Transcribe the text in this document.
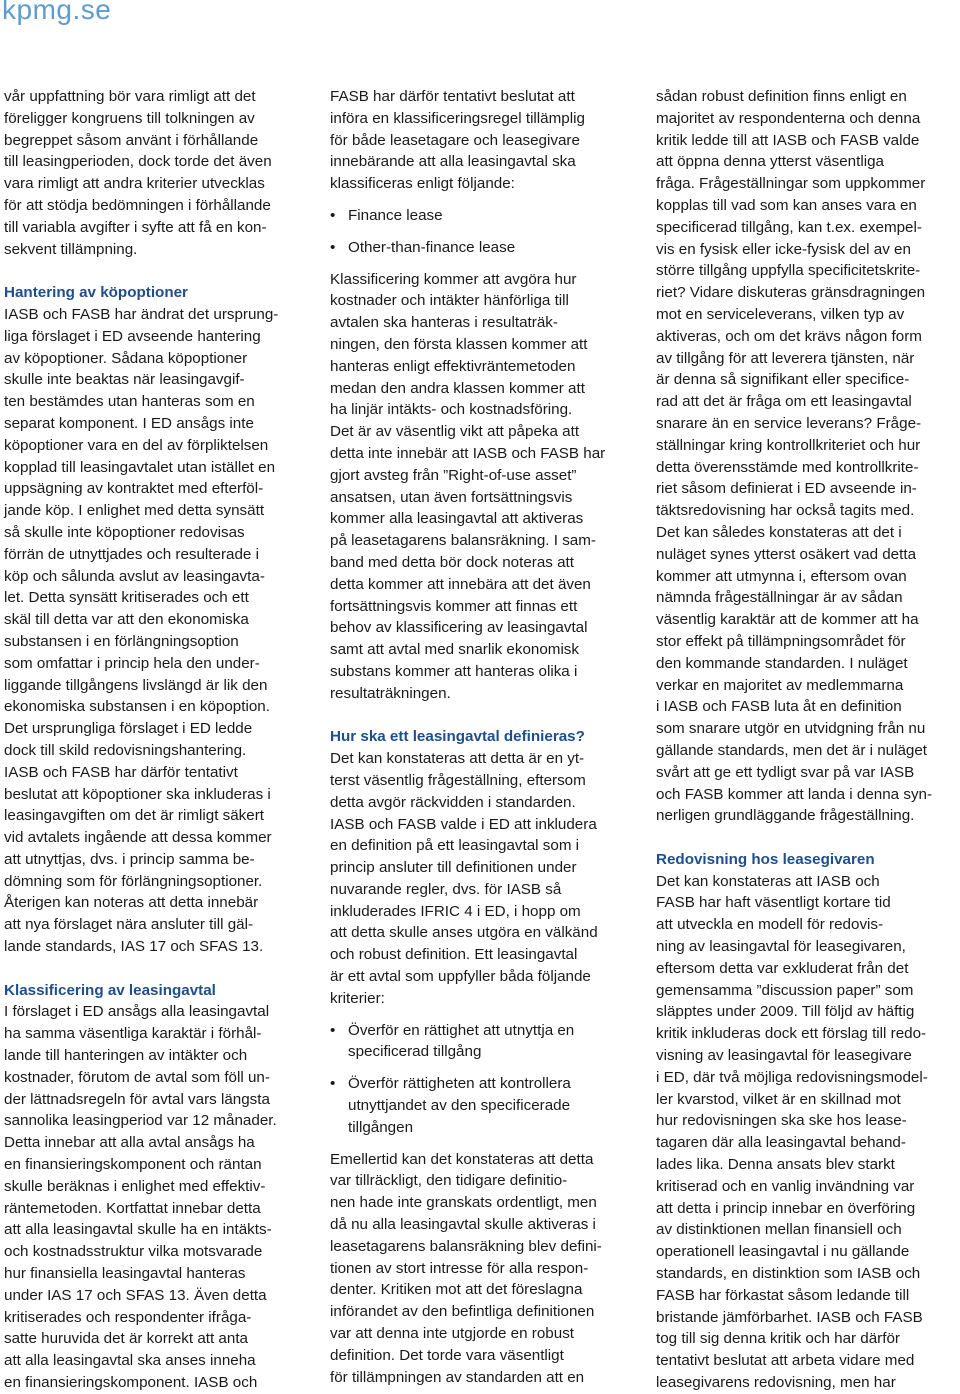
kpmg.se

vår uppfattning bör vara rimligt att det
föreligger kongruens till tolkningen av
begreppet såsom använt i förhållande
till leasingperioden, dock torde det även
vara rimligt att andra kriterier utvecklas
för att stödja bedömningen i förhållande
till variabla avgifter i syfte att få en kon-
sekvent tillämpning.

Hantering av köpoptioner

IASB och FASB har ändrat det ursprung-
liga förslaget i ED avseende hantering
av köpoptioner. Sådana köpoptioner
skulle inte beaktas när leasingavgif-
ten bestämdes utan hanteras som en
separat komponent. I ED ansågs inte
köpoptioner vara en del av förpliktelsen
kopplad till leasingavtalet utan istället en
uppsägning av kontraktet med efterföl-
jande köp. I enlighet med detta synsätt
så skulle inte köpoptioner redovisas
förrän de utnyttjades och resulterade i
köp och sålunda avslut av leasingavta-
let. Detta synsätt kritiserades och ett
skäl till detta var att den ekonomiska
substansen i en förlängningsoption
som omfattar i princip hela den under-
liggande tillgångens livslängd är lik den
ekonomiska substansen i en köpoption.
Det ursprungliga förslaget i ED ledde
dock till skild redovisningshantering.
IASB och FASB har därför tentativt
beslutat att köpoptioner ska inkluderas i
leasingavgiften om det är rimligt säkert
vid avtalets ingående att dessa kommer
att utnyttjas, dvs. i princip samma be-
dömning som för förlängningsoptioner.
Återigen kan noteras att detta innebär
att nya förslaget nära ansluter till gäl-
lande standards, IAS 17 och SFAS 13.

Klassificering av leasingavtal

I förslaget i ED ansågs alla leasingavtal
ha samma väsentliga karaktär i förhål-
lande till hanteringen av intäkter och
kostnader, förutom de avtal som föll un-
der lättnadsregeln för avtal vars längsta
sannolika leasingperiod var 12 månader.
Detta innebar att alla avtal ansågs ha
en finansieringskomponent och räntan
skulle beräknas i enlighet med effektiv-
räntemetoden. Kortfattat innebar detta
att alla leasingavtal skulle ha en intäkts-
och kostnadsstruktur vilka motsvarade
hur finansiella leasingavtal hanteras
under IAS 17 och SFAS 13. Även detta
kritiserades och respondenter ifråga-
satte huruvida det är korrekt att anta
att alla leasingavtal ska anses inneha
en finansieringskomponent. IASB och

FASB har därför tentativt beslutat att
införa en klassificeringsregel tillämplig
för både leasetagare och leasegivare
innebärande att alla leasingavtal ska
klassificeras enligt följande:

• Finance lease
• Other-than-finance lease

Klassificering kommer att avgöra hur
kostnader och intäkter hänförliga till
avtalen ska hanteras i resultaträk-
ningen, den första klassen kommer att
hanteras enligt effektivräntemetoden
medan den andra klassen kommer att
ha linjär intäkts- och kostnadsföring.
Det är av väsentlig vikt att påpeka att
detta inte innebär att IASB och FASB har
gjort avsteg från ”Right-of-use asset”
ansatsen, utan även fortsättningsvis
kommer alla leasingavtal att aktiveras
på leasetagarens balansräkning. I sam-
band med detta bör dock noteras att
detta kommer att innebära att det även
fortsättningsvis kommer att finnas ett
behov av klassificering av leasingavtal
samt att avtal med snarlik ekonomisk
substans kommer att hanteras olika i
resultaträkningen.

Hur ska ett leasingavtal definieras?

Det kan konstateras att detta är en yt-
terst väsentlig frågeställning, eftersom
detta avgör räckvidden i standarden.
IASB och FASB valde i ED att inkludera
en definition på ett leasingavtal som i
princip ansluter till definitionen under
nuvarande regler, dvs. för IASB så
inkluderades IFRIC 4 i ED, i hopp om
att detta skulle anses utgöra en välkänd
och robust definition. Ett leasingavtal
är ett avtal som uppfyller båda följande
kriterier:

• Överför en rättighet att utnyttja en
specificerad tillgång
• Överför rättigheten att kontrollera
utnyttjandet av den specificerade
tillgången

Emellertid kan det konstateras att detta
var tillräckligt, den tidigare definitio-
nen hade inte granskats ordentligt, men
då nu alla leasingavtal skulle aktiveras i
leasetagarens balansräkning blev defini-
tionen av stort intresse för alla respon-
denter. Kritiken mot att det föreslagna
införandet av den befintliga definitionen
var att denna inte utgjorde en robust
definition. Det torde vara väsentligt
för tillämpningen av standarden att en

sådan robust definition finns enligt en
majoritet av respondenterna och denna
kritik ledde till att IASB och FASB valde
att öppna denna ytterst väsentliga
fråga. Frågeställningar som uppkommer
kopplas till vad som kan anses vara en
specificerad tillgång, kan t.ex. exempel-
vis en fysisk eller icke-fysisk del av en
större tillgång uppfylla specificitetskrite-
riet? Vidare diskuteras gränsdragningen
mot en serviceleverans, vilken typ av
aktiveras, och om det krävs någon form
av tillgång för att leverera tjänsten, när
är denna så signifikant eller specifice-
rad att det är fråga om ett leasingavtal
snarare än en service leverans? Fråge-
ställningar kring kontrollkriteriet och hur
detta överensstämde med kontrollkrite-
riet såsom definierat i ED avseende in-
täktsredovisning har också tagits med.
Det kan således konstateras att det i
nuläget synes ytterst osäkert vad detta
kommer att utmynna i, eftersom ovan
nämnda frågeställningar är av sådan
väsentlig karaktär att de kommer att ha
stor effekt på tillämpningsområdet för
den kommande standarden. I nuläget
verkar en majoritet av medlemmarna
i IASB och FASB luta åt en definition
som snarare utgör en utvidgning från nu
gällande standards, men det är i nuläget
svårt att ge ett tydligt svar på var IASB
och FASB kommer att landa i denna syn-
nerligen grundläggande frågeställning.

Redovisning hos leasegivaren

Det kan konstateras att IASB och
FASB har haft väsentligt kortare tid
att utveckla en modell för redovis-
ning av leasingavtal för leasegivaren,
eftersom detta var exkluderat från det
gemensamma ”discussion paper” som
släpptes under 2009. Till följd av häftig
kritik inkluderas dock ett förslag till redo-
visning av leasingavtal för leasegivare
i ED, där två möjliga redovisningsmodel-
ler kvarstod, vilket är en skillnad mot
hur redovisningen ska ske hos lease-
tagaren där alla leasingavtal behand-
lades lika. Denna ansats blev starkt
kritiserad och en vanlig invändning var
att detta i princip innebar en överföring
av distinktionen mellan finansiell och
operationell leasingavtal i nu gällande
standards, en distinktion som IASB och
FASB har förkastat såsom ledande till
bristande jämförbarhet. IASB och FASB
tog till sig denna kritik och har därför
tentativt beslutat att arbeta vidare med
leasegivarens redovisning, men har
